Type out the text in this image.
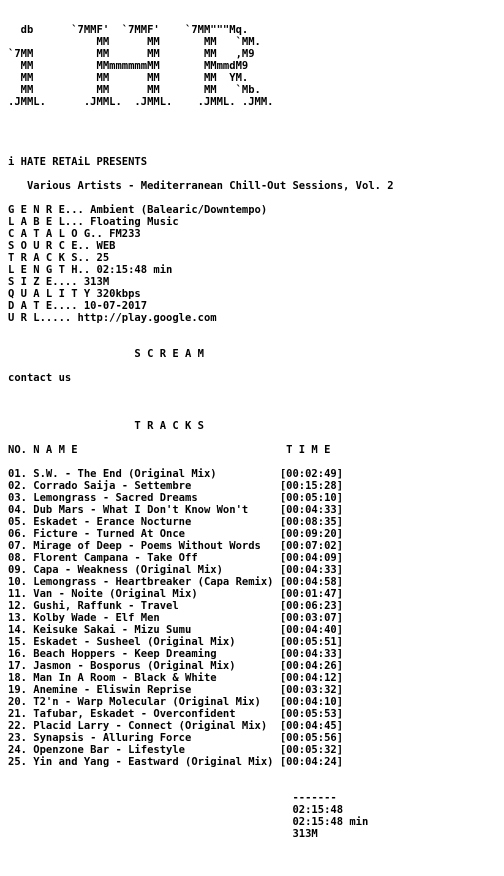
db      `7MMF'  `7MMF'    `7MM"""Mq.
MM      MM       MM   `MM.
`7MM          MM      MM       MM   ,M9
MM          MMmmmmmmMM       MMmmdM9
MM          MM      MM       MM  YM.
MM          MM      MM       MM   `Mb.
.JMML.      .JMML.  .JMML.    .JMML. .JMM.

i HATE RETAiL PRESENTS

Various Artists - Mediterranean Chill-Out Sessions, Vol. 2

G E N R E... Ambient (Balearic/Downtempo)
L A B E L... Floating Music
C A T A L O G.. FM233
S O U R C E.. WEB
T R A C K S.. 25
L E N G T H.. 02:15:48 min
S I Z E.... 313M
Q U A L I T Y 320kbps
D A T E.... 10-07-2017
U R L..... http://play.google.com

S C R E A M

contact us

T R A C K S

NO. N A M E                                 T I M E

01. S.W. - The End (Original Mix)          [00:02:49]
02. Corrado Saija - Settembre              [00:15:28]
03. Lemongrass - Sacred Dreams             [00:05:10]
04. Dub Mars - What I Don't Know Won't     [00:04:33]
05. Eskadet - Erance Nocturne              [00:08:35]
06. Ficture - Turned At Once               [00:09:20]
07. Mirage of Deep - Poems Without Words   [00:07:02]
08. Florent Campana - Take Off             [00:04:09]
09. Capa - Weakness (Original Mix)         [00:04:33]
10. Lemongrass - Heartbreaker (Capa Remix) [00:04:58]
11. Van - Noite (Original Mix)             [00:01:47]
12. Gushi, Raffunk - Travel                [00:06:23]
13. Kolby Wade - Elf Men                   [00:03:07]
14. Keisuke Sakai - Mizu Sumu              [00:04:40]
15. Eskadet - Susheel (Original Mix)       [00:05:51]
16. Beach Hoppers - Keep Dreaming          [00:04:33]
17. Jasmon - Bosporus (Original Mix)       [00:04:26]
18. Man In A Room - Black & White          [00:04:12]
19. Anemine - Eliswin Reprise              [00:03:32]
20. T2'n - Warp Molecular (Original Mix)   [00:04:10]
21. Tafubar, Eskadet - Overconfident       [00:05:53]
22. Placid Larry - Connect (Original Mix)  [00:04:45]
23. Synapsis - Alluring Force              [00:05:56]
24. Openzone Bar - Lifestyle               [00:05:32]
25. Yin and Yang - Eastward (Original Mix) [00:04:24]

-------
02:15:48
02:15:48 min
313M
